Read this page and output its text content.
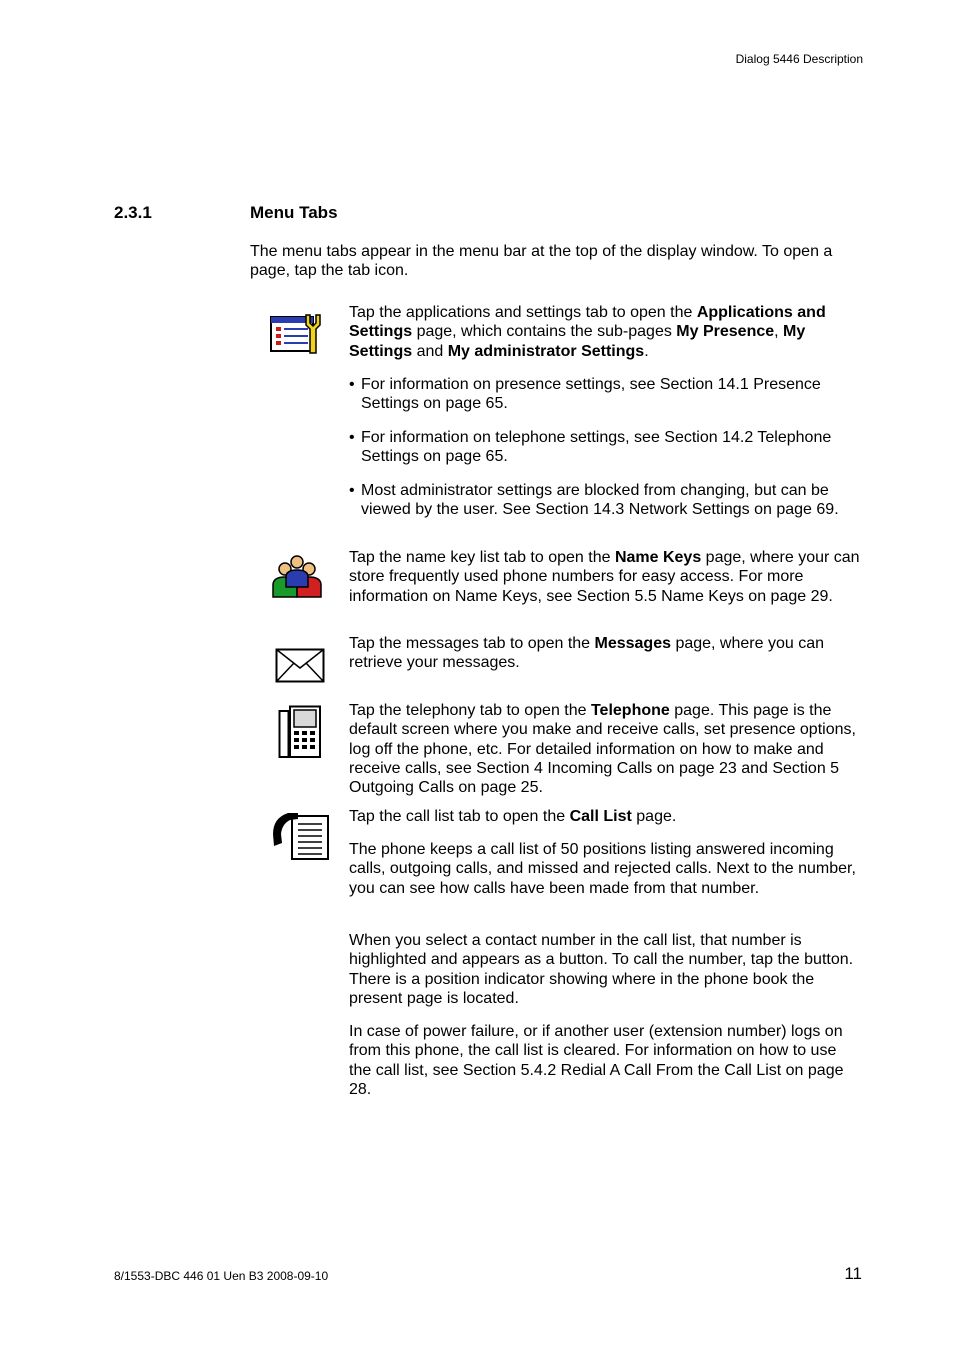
Dialog 5446 Description
2.3.1	Menu Tabs
The menu tabs appear in the menu bar at the top of the display window. To open a page, tap the tab icon.
Tap the applications and settings tab to open the Applications and Settings page, which contains the sub-pages My Presence, My Settings and My administrator Settings.
• For information on presence settings, see Section 14.1 Presence Settings on page 65.
• For information on telephone settings, see Section 14.2 Telephone Settings on page 65.
• Most administrator settings are blocked from changing, but can be viewed by the user. See Section 14.3 Network Settings on page 69.
Tap the name key list tab to open the Name Keys page, where your can store frequently used phone numbers for easy access. For more information on Name Keys, see Section 5.5 Name Keys on page 29.
Tap the messages tab to open the Messages page, where you can retrieve your messages.
Tap the telephony tab to open the Telephone page. This page is the default screen where you make and receive calls, set presence options, log off the phone, etc. For detailed information on how to make and receive calls, see Section 4 Incoming Calls on page 23 and Section 5 Outgoing Calls on page 25.

Tap the call list tab to open the Call List page.

The phone keeps a call list of 50 positions listing answered incoming calls, outgoing calls, and missed and rejected calls. Next to the number, you can see how calls have been made from that number.
When you select a contact number in the call list, that number is highlighted and appears as a button. To call the number, tap the button. There is a position indicator showing where in the phone book the present page is located.
In case of power failure, or if another user (extension number) logs on from this phone, the call list is cleared. For information on how to use the call list, see Section 5.4.2 Redial A Call From the Call List on page 28.
8/1553-DBC 446 01 Uen B3 2008-09-10	11
